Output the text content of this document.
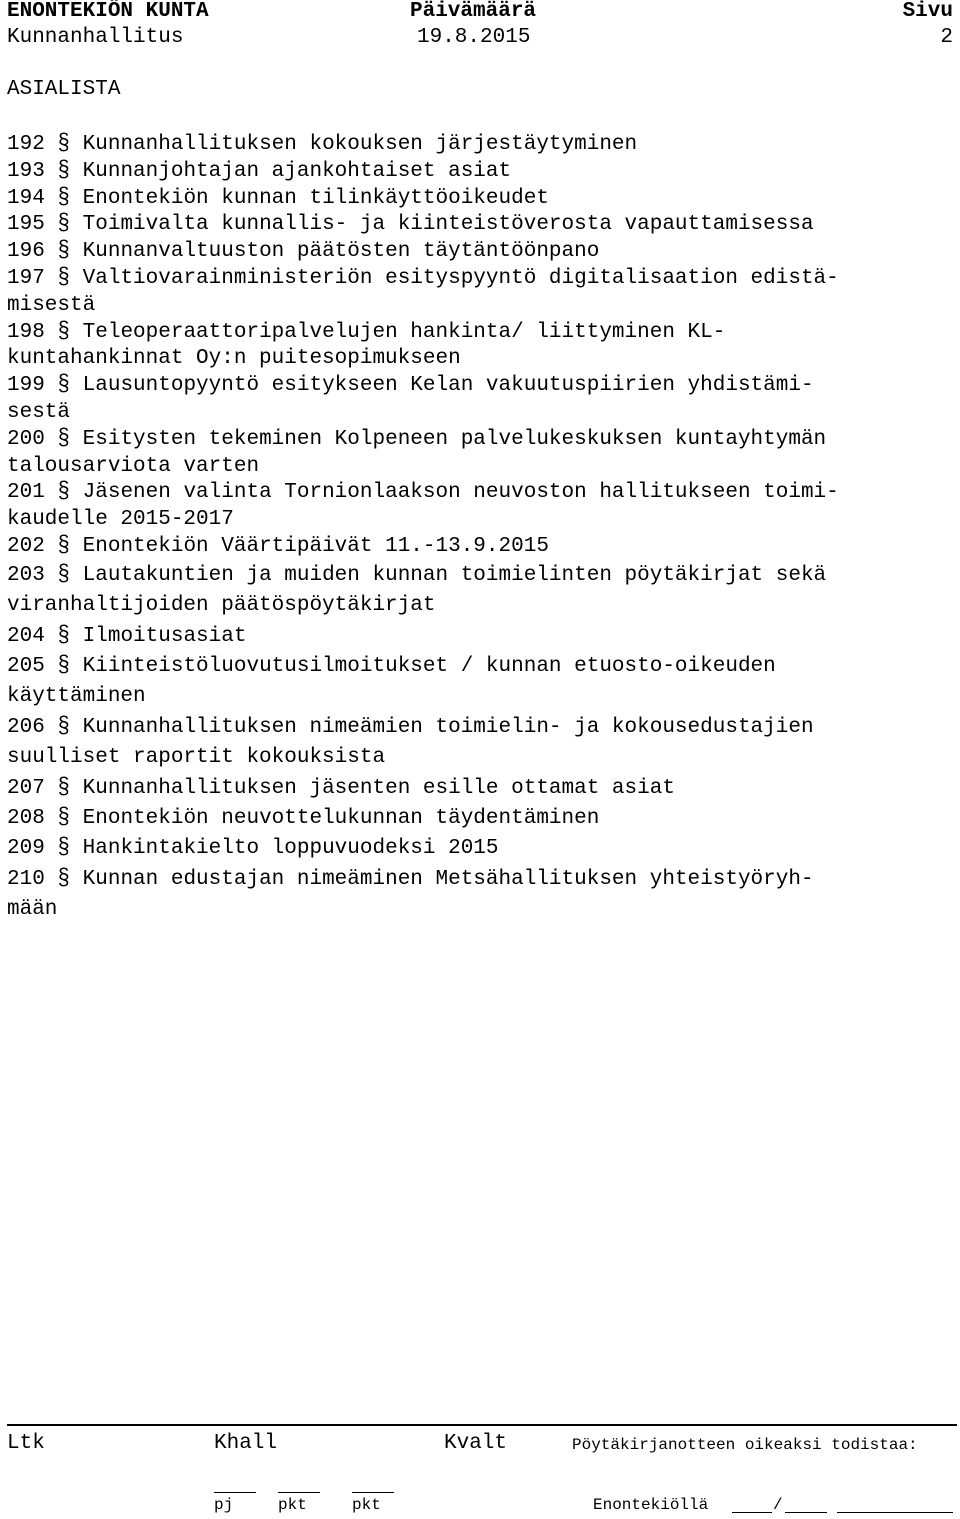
ENONTEKIÖN KUNTA	Päivämäärä	Sivu
Kunnanhallitus	19.8.2015	2
ASIALISTA
192 § Kunnanhallituksen kokouksen järjestäytyminen
193 § Kunnanjohtajan ajankohtaiset asiat
194 § Enontekiön kunnan tilinkäyttöoikeudet
195 § Toimivalta kunnallis- ja kiinteistöverosta vapauttamisessa
196 § Kunnanvaltuuston päätösten täytäntöönpano
197 § Valtiovarainministeriön esityspyyntö digitalisaation edistä-
misestä
198 § Teleoperaattoripalvelujen hankinta/ liittyminen KL-
kuntahankinnat Oy:n puitesopimukseen
199 § Lausuntopyyntö esitykseen Kelan vakuutuspiirien yhdistämi-
sestä
200 § Esitysten tekeminen Kolpeneen palvelukeskuksen kuntayhtymän
talousarviota varten
201 § Jäsenen valinta Tornionlaakson neuvoston hallitukseen toimi-
kaudelle 2015-2017
202 § Enontekiön Väärtipäivät 11.-13.9.2015
203 § Lautakuntien ja muiden kunnan toimielinten pöytäkirjat sekä
viranhaltijoiden päätöspöytäkirjat
204 § Ilmoitusasiat
205 § Kiinteistöluovutusilmoitukset / kunnan etuosto-oikeuden
käyttäminen
206 § Kunnanhallituksen nimeämien toimielin- ja kokousedustajien
suulliset raportit kokouksista
207 § Kunnanhallituksen jäsenten esille ottamat asiat
208 § Enontekiön neuvottelukunnan täydentäminen
209 § Hankintakielto loppuvuodeksi 2015
210 § Kunnan edustajan nimeäminen Metsähallituksen yhteistyöryh-
mään
Ltk	Khall	Kvalt	Pöytäkirjanotteen oikeaksi todistaa:
pj	pkt	pkt	Enontekiöllä	/
